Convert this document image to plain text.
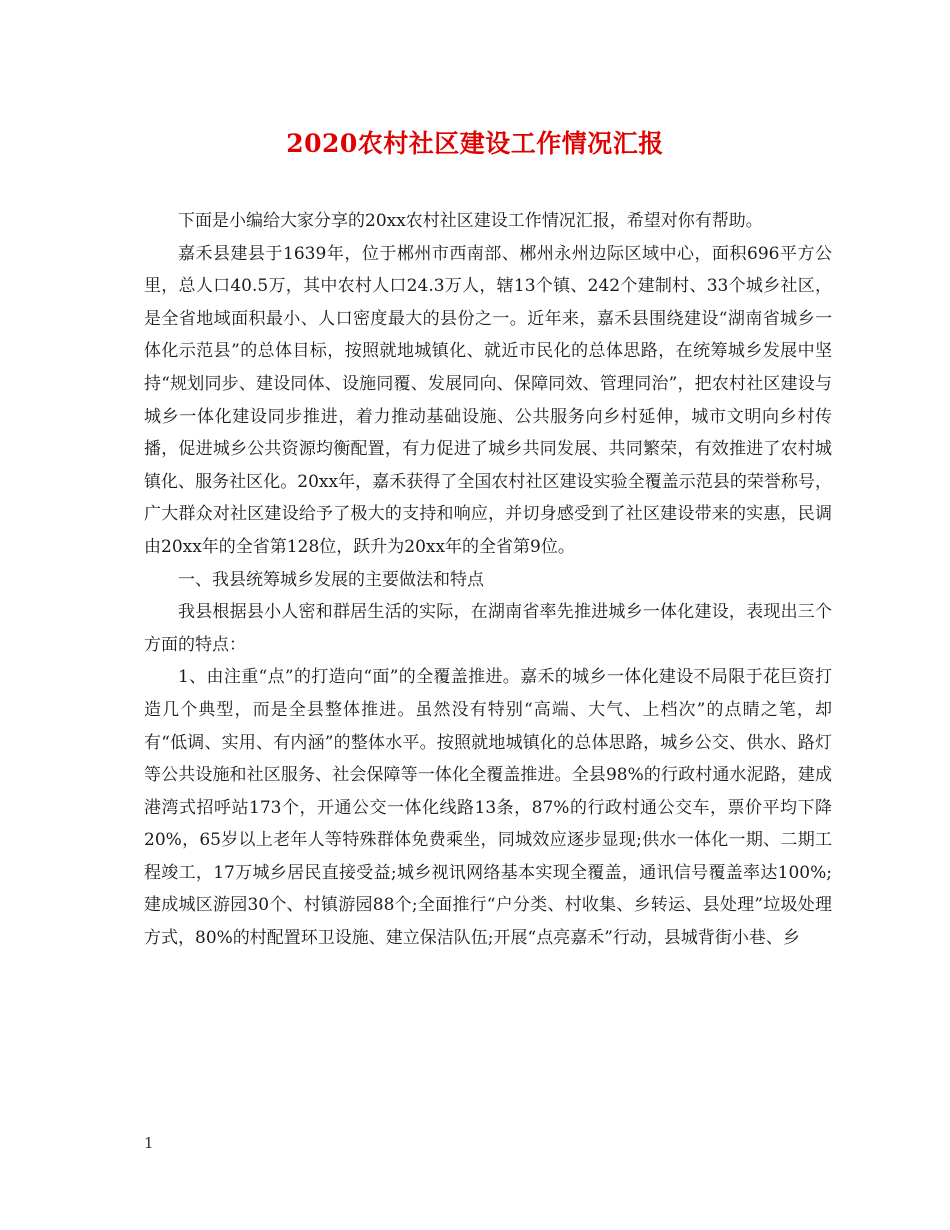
2020农村社区建设工作情况汇报

下面是小编给大家分享的20xx农村社区建设工作情况汇报，希望对你有帮助。

嘉禾县建县于1639年，位于郴州市西南部、郴州永州边际区域中心，面积696平方公里，总人口40.5万，其中农村人口24.3万人，辖13个镇、242个建制村、33个城乡社区，是全省地域面积最小、人口密度最大的县份之一。近年来，嘉禾县围绕建设“湖南省城乡一体化示范县”的总体目标，按照就地城镇化、就近市民化的总体思路，在统筹城乡发展中坚持“规划同步、建设同体、设施同覆、发展同向、保障同效、管理同治”，把农村社区建设与城乡一体化建设同步推进，着力推动基础设施、公共服务向乡村延伸，城市文明向乡村传播，促进城乡公共资源均衡配置，有力促进了城乡共同发展、共同繁荣，有效推进了农村城镇化、服务社区化。20xx年，嘉禾获得了全国农村社区建设实验全覆盖示范县的荣誉称号，广大群众对社区建设给予了极大的支持和响应，并切身感受到了社区建设带来的实惠，民调由20xx年的全省第128位，跃升为20xx年的全省第9位。

一、我县统筹城乡发展的主要做法和特点

我县根据县小人密和群居生活的实际，在湖南省率先推进城乡一体化建设，表现出三个方面的特点：

1、由注重“点”的打造向“面”的全覆盖推进。嘉禾的城乡一体化建设不局限于花巨资打造几个典型，而是全县整体推进。虽然没有特别“高端、大气、上档次”的点睛之笔，却有“低调、实用、有内涵”的整体水平。按照就地城镇化的总体思路，城乡公交、供水、路灯等公共设施和社区服务、社会保障等一体化全覆盖推进。全县98%的行政村通水泥路，建成港湾式招呼站173个，开通公交一体化线路13条，87%的行政村通公交车，票价平均下降20%，65岁以上老年人等特殊群体免费乘坐，同城效应逐步显现;供水一体化一期、二期工程竣工，17万城乡居民直接受益;城乡视讯网络基本实现全覆盖，通讯信号覆盖率达100%;建成城区游园30个、村镇游园88个;全面推行“户分类、村收集、乡转运、县处理”垃圾处理方式，80%的村配置环卫设施、建立保洁队伍;开展“点亮嘉禾”行动，县城背街小巷、乡

1
